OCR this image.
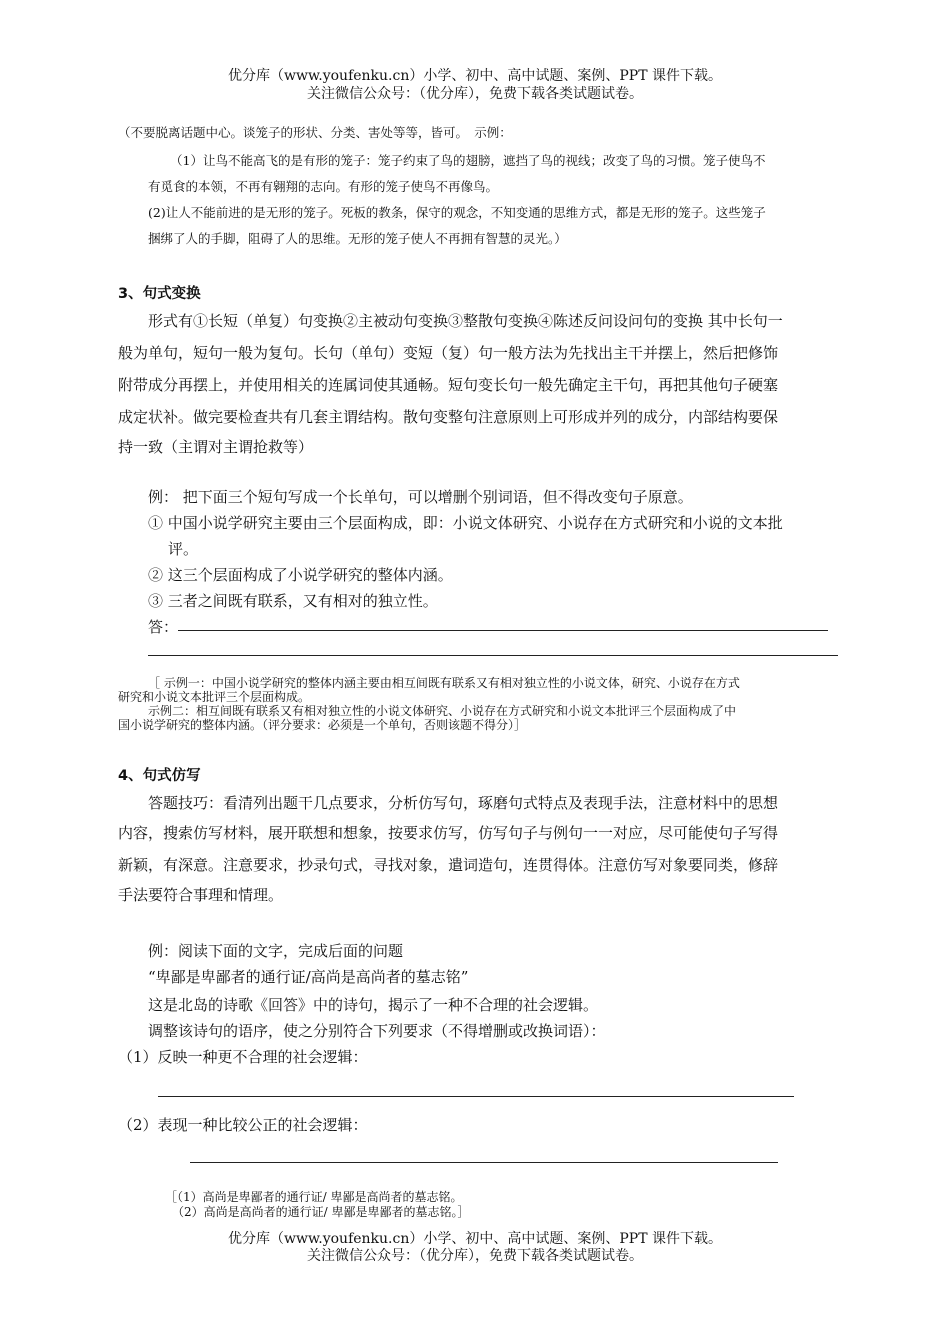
优分库（www.youfenku.cn）小学、初中、高中试题、案例、PPT 课件下载。
关注微信公众号：（优分库），免费下载各类试题试卷。
（不要脱离话题中心。谈笼子的形状、分类、害处等等，皆可。　示例：
（1）让鸟不能高飞的是有形的笼子：笼子约束了鸟的翅膀，遮挡了鸟的视线；改变了鸟的习惯。笼子使鸟不
有觅食的本领，不再有翱翔的志向。有形的笼子使鸟不再像鸟。
(2)让人不能前进的是无形的笼子。死板的教条，保守的观念，不知变通的思维方式，都是无形的笼子。这些笼子
捆绑了人的手脚，阻碍了人的思维。无形的笼子使人不再拥有智慧的灵光。）
3、句式变换
形式有①长短（单复）句变换②主被动句变换③整散句变换④陈述反问设问句的变换 其中长句一
般为单句，短句一般为复句。长句（单句）变短（复）句一般方法为先找出主干并摆上，然后把修饰
附带成分再摆上，并使用相关的连属词使其通畅。短句变长句一般先确定主干句，再把其他句子硬塞
成定状补。做完要检查共有几套主谓结构。散句变整句注意原则上可形成并列的成分，内部结构要保
持一致（主谓对主谓抢救等）
例： 把下面三个短句写成一个长单句，可以增删个别词语，但不得改变句子原意。
① 中国小说学研究主要由三个层面构成，即：小说文体研究、小说存在方式研究和小说的文本批
评。
② 这三个层面构成了小说学研究的整体内涵。
③ 三者之间既有联系，又有相对的独立性。
答：
［ 示例一：中国小说学研究的整体内涵主要由相互间既有联系又有相对独立性的小说文体，研究、小说存在方式
研究和小说文本批评三个层面构成。
示例二：相互间既有联系又有相对独立性的小说文体研究、小说存在方式研究和小说文本批评三个层面构成了中
国小说学研究的整体内涵。（评分要求：必须是一个单句，否则该题不得分）］
4、句式仿写
答题技巧：看清列出题干几点要求，分析仿写句，琢磨句式特点及表现手法，注意材料中的思想
内容，搜索仿写材料，展开联想和想象，按要求仿写，仿写句子与例句一一对应，尽可能使句子写得
新颖，有深意。注意要求，抄录句式，寻找对象，遣词造句，连贯得体。注意仿写对象要同类，修辞
手法要符合事理和情理。
例：阅读下面的文字，完成后面的问题
“卑鄙是卑鄙者的通行证/高尚是高尚者的墓志铭”
这是北岛的诗歌《回答》中的诗句，揭示了一种不合理的社会逻辑。
调整该诗句的语序，使之分别符合下列要求（不得增删或改换词语）：
（1）反映一种更不合理的社会逻辑：
（2）表现一种比较公正的社会逻辑：
［（1）高尚是卑鄙者的通行证/ 卑鄙是高尚者的墓志铭。
（2）高尚是高尚者的通行证/ 卑鄙是卑鄙者的墓志铭。］
优分库（www.youfenku.cn）小学、初中、高中试题、案例、PPT 课件下载。
关注微信公众号：（优分库），免费下载各类试题试卷。
